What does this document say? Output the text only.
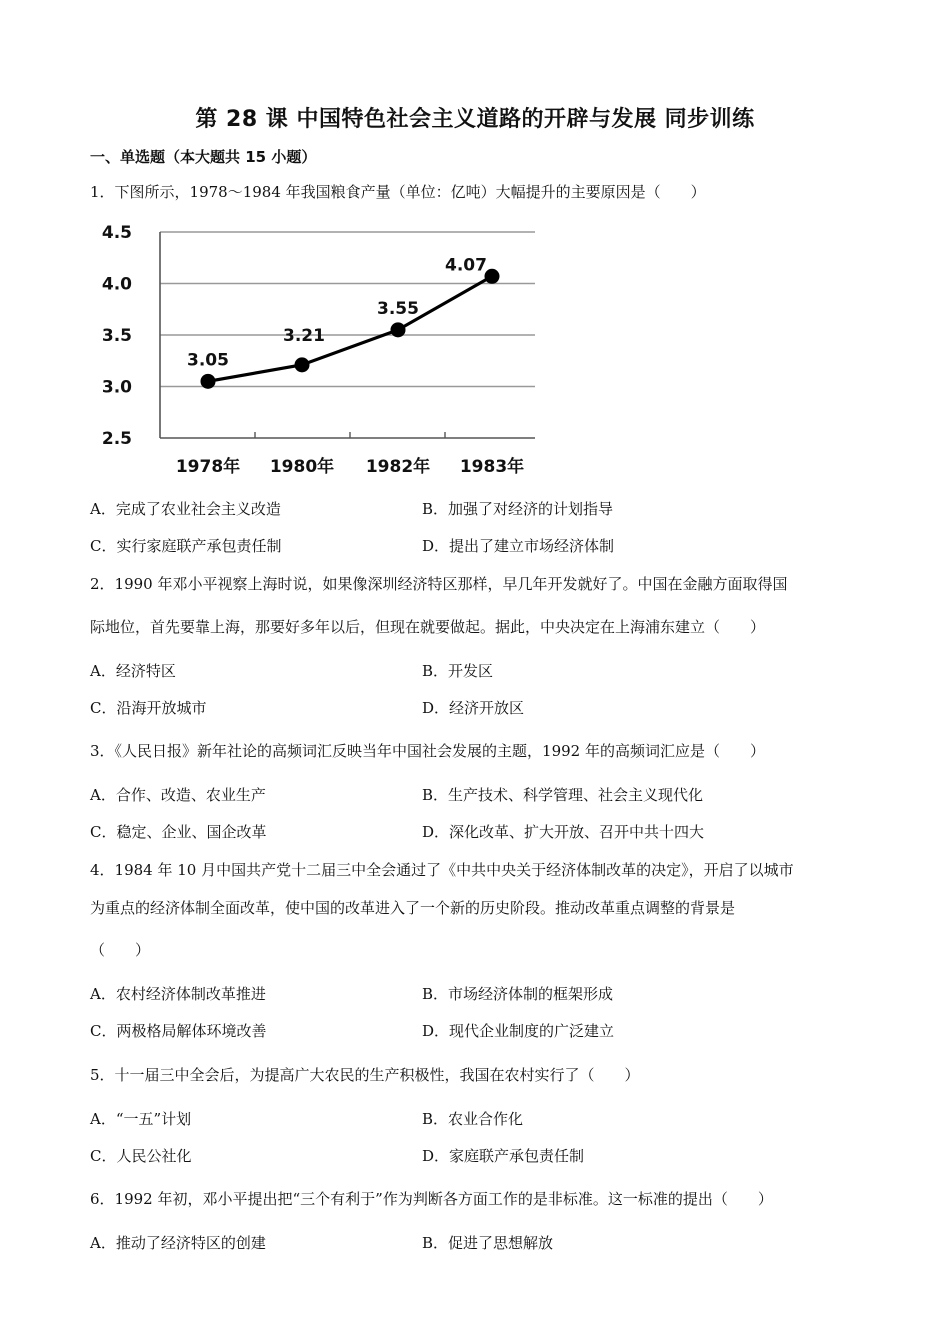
第 28 课 中国特色社会主义道路的开辟与发展 同步训练
一、单选题（本大题共 15 小题）
1．下图所示，1978～1984 年我国粮食产量（单位：亿吨）大幅提升的主要原因是（　　）
4.5
4.0
3.5
3.0
2.5
1978年 1980年 1982年 1983年
3.05
3.21
3.55
4.07
A．完成了农业社会主义改造	B．加强了对经济的计划指导
C．实行家庭联产承包责任制	D．提出了建立市场经济体制
2．1990 年邓小平视察上海时说，如果像深圳经济特区那样，早几年开发就好了。中国在金融方面取得国
际地位，首先要靠上海，那要好多年以后，但现在就要做起。据此，中央决定在上海浦东建立（　　）
A．经济特区	B．开发区
C．沿海开放城市	D．经济开放区
3．《人民日报》新年社论的高频词汇反映当年中国社会发展的主题，1992 年的高频词汇应是（　　）
A．合作、改造、农业生产	B．生产技术、科学管理、社会主义现代化
C．稳定、企业、国企改革	D．深化改革、扩大开放、召开中共十四大
4．1984 年 10 月中国共产党十二届三中全会通过了《中共中央关于经济体制改革的决定》，开启了以城市
为重点的经济体制全面改革，使中国的改革进入了一个新的历史阶段。推动改革重点调整的背景是
（　　）
A．农村经济体制改革推进	B．市场经济体制的框架形成
C．两极格局解体环境改善	D．现代企业制度的广泛建立
5．十一届三中全会后，为提高广大农民的生产积极性，我国在农村实行了（　　）
A．“一五”计划	B．农业合作化
C．人民公社化	D．家庭联产承包责任制
6．1992 年初，邓小平提出把“三个有利于”作为判断各方面工作的是非标准。这一标准的提出（　　）
A．推动了经济特区的创建	B．促进了思想解放
